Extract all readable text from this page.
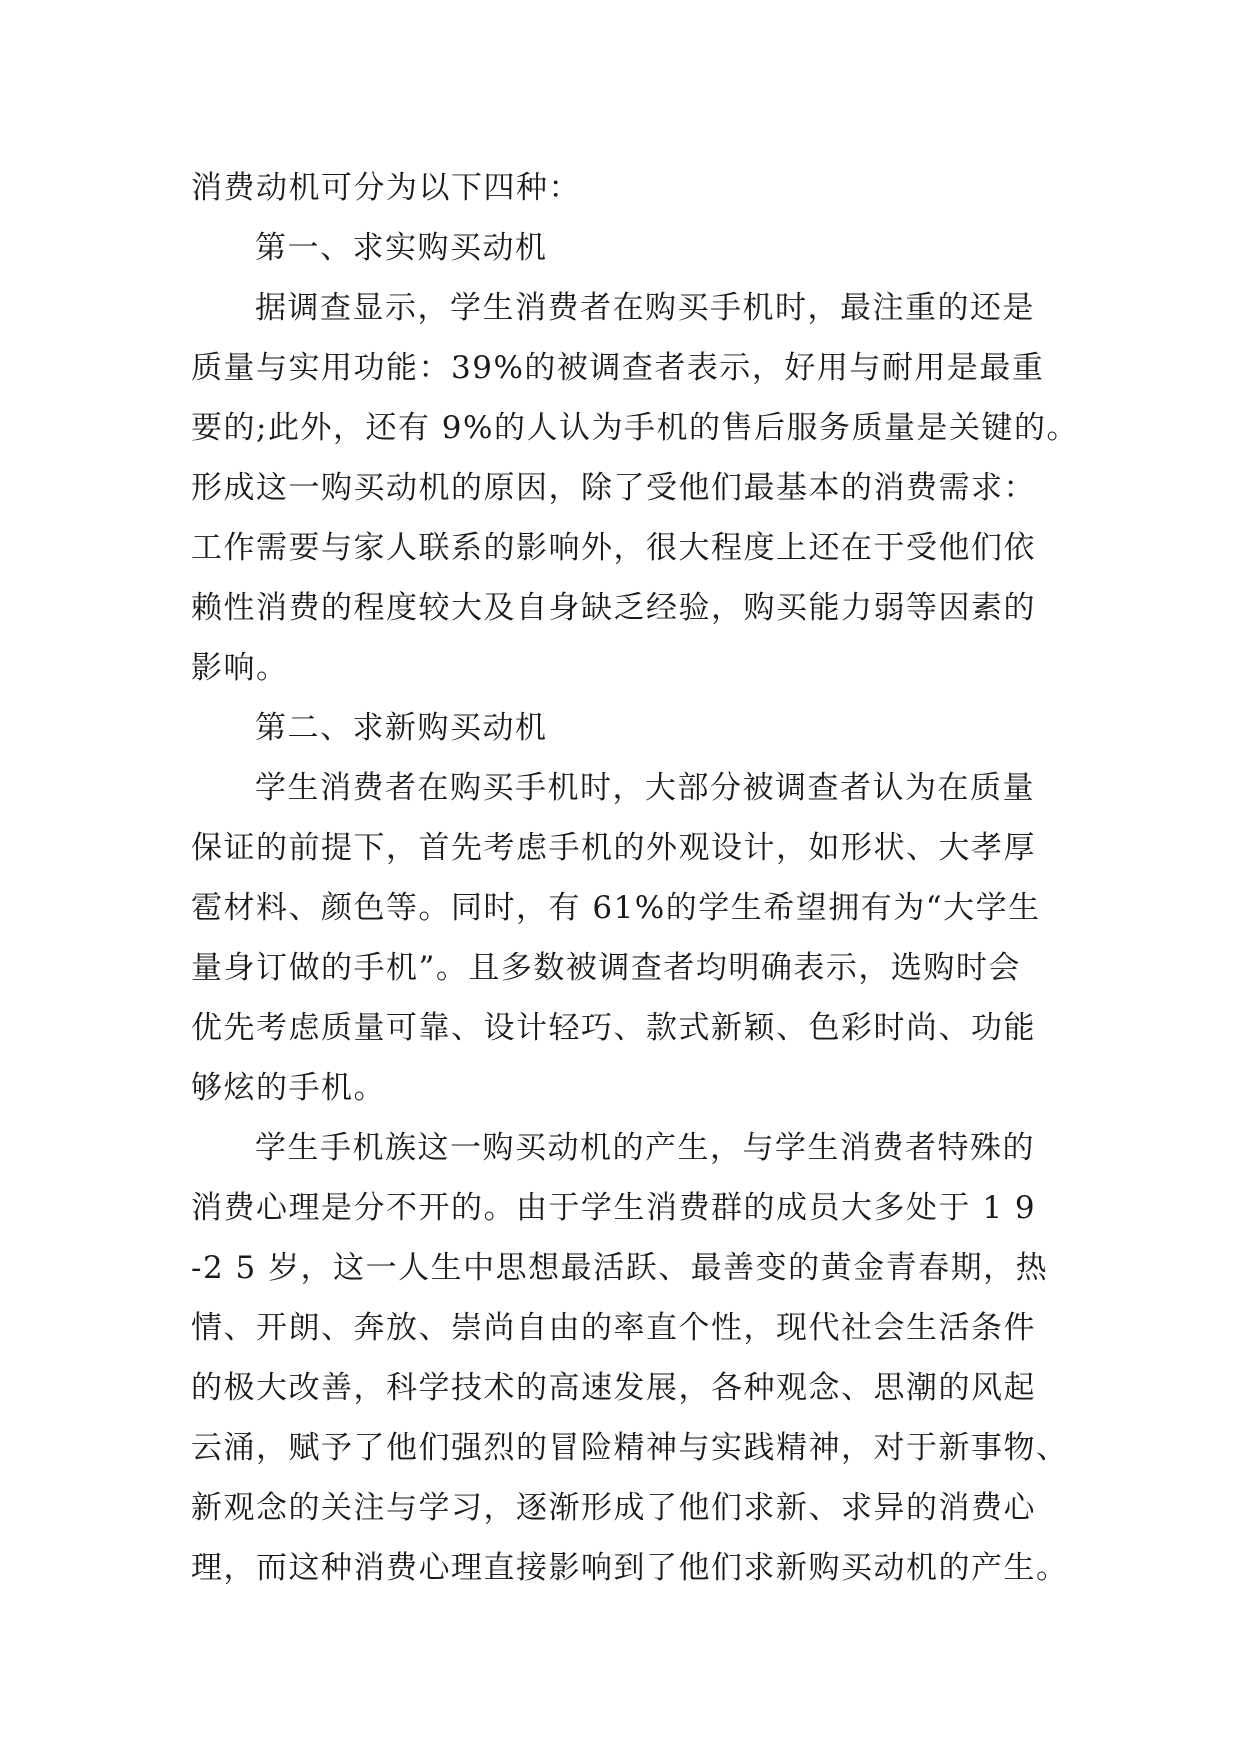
消费动机可分为以下四种：
第一、求实购买动机
据调查显示，学生消费者在购买手机时，最注重的还是
质量与实用功能：39%的被调查者表示，好用与耐用是最重
要的;此外，还有 9%的人认为手机的售后服务质量是关键的。
形成这一购买动机的原因，除了受他们最基本的消费需求：
工作需要与家人联系的影响外，很大程度上还在于受他们依
赖性消费的程度较大及自身缺乏经验，购买能力弱等因素的
影响。
第二、求新购买动机
学生消费者在购买手机时，大部分被调查者认为在质量
保证的前提下，首先考虑手机的外观设计，如形状、大孝厚
雹材料、颜色等。同时，有 61%的学生希望拥有为“大学生
量身订做的手机”。且多数被调查者均明确表示，选购时会
优先考虑质量可靠、设计轻巧、款式新颖、色彩时尚、功能
够炫的手机。
学生手机族这一购买动机的产生，与学生消费者特殊的
消费心理是分不开的。由于学生消费群的成员大多处于 1 9
-2 5 岁，这一人生中思想最活跃、最善变的黄金青春期，热
情、开朗、奔放、崇尚自由的率直个性，现代社会生活条件
的极大改善，科学技术的高速发展，各种观念、思潮的风起
云涌，赋予了他们强烈的冒险精神与实践精神，对于新事物、
新观念的关注与学习，逐渐形成了他们求新、求异的消费心
理，而这种消费心理直接影响到了他们求新购买动机的产生。
